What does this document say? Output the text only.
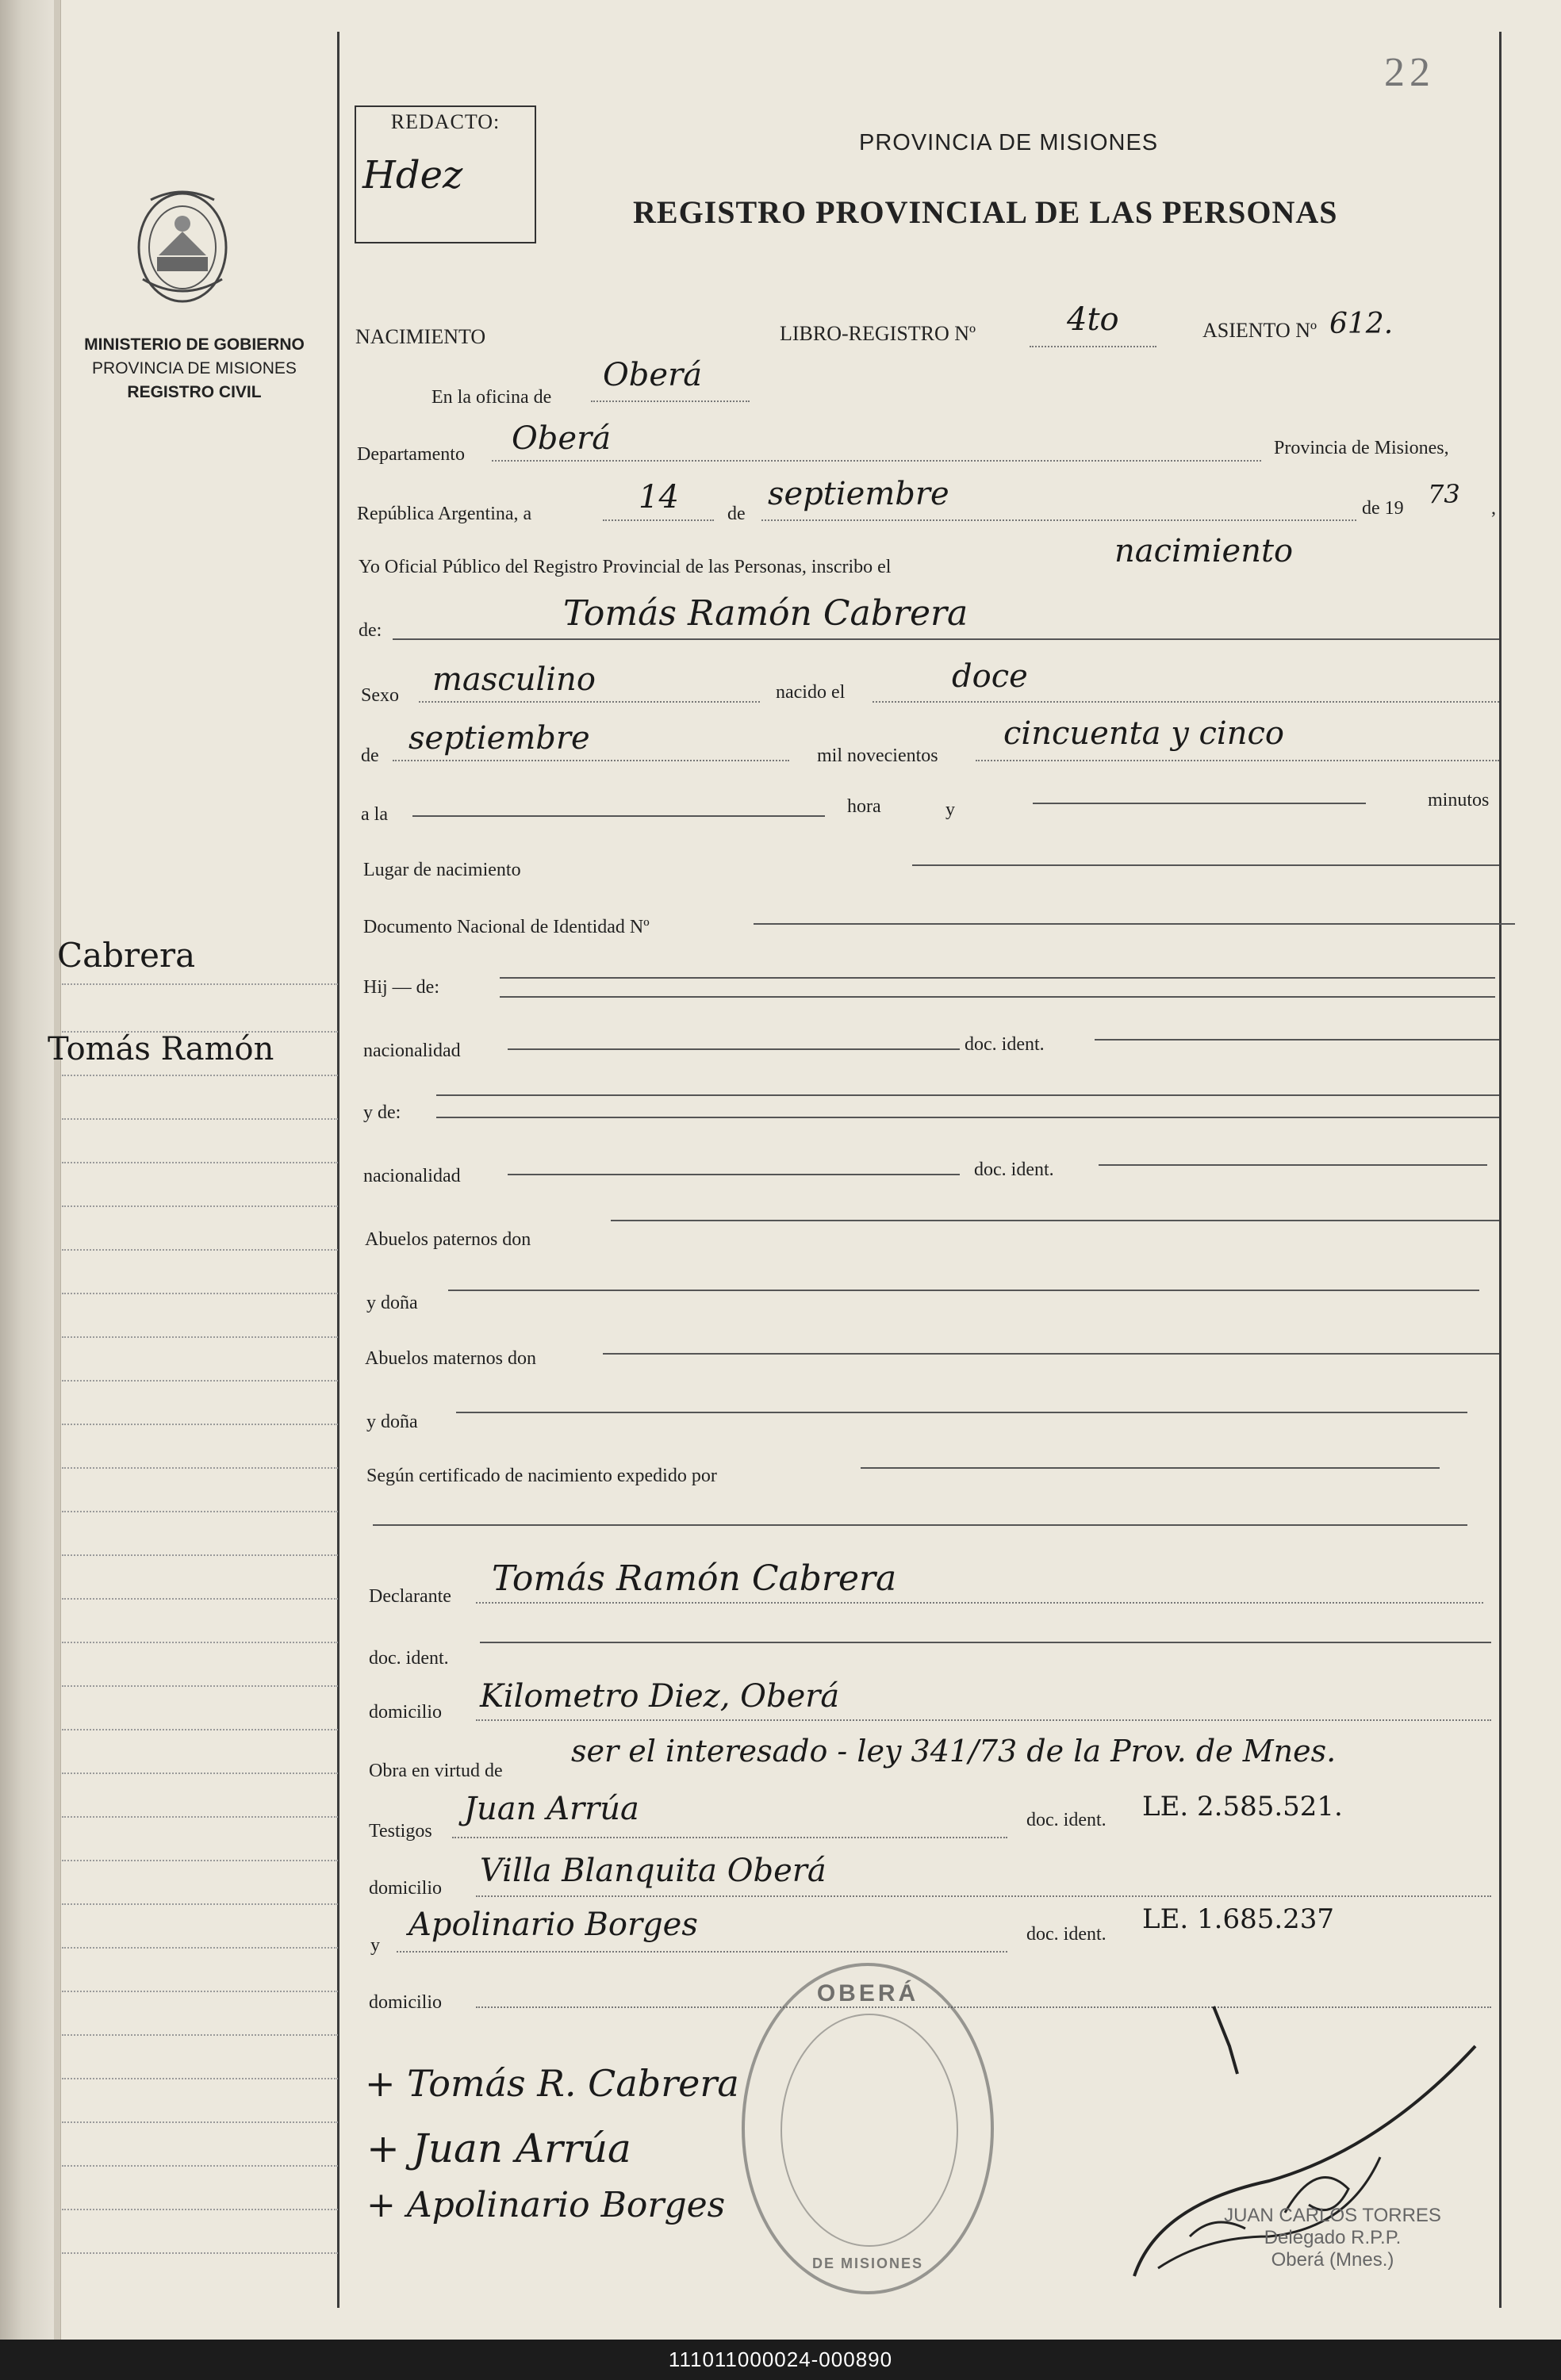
22
REDACTO:
Hdez
PROVINCIA DE MISIONES
REGISTRO PROVINCIAL DE LAS PERSONAS
MINISTERIO DE GOBIERNO
PROVINCIA DE MISIONES
REGISTRO CIVIL
Cabrera
Tomás Ramón
NACIMIENTO	LIBRO-REGISTRO Nº	4to	ASIENTO Nº 612.
En la oficina de
Oberá
Departamento Oberá	Provincia de Misiones,
República Argentina, a	14	de
septiembre	de 19 73 ,
Yo Oficial Público del Registro Provincial de las Personas, inscribo el	nacimiento
de:	Tomás Ramón Cabrera
Sexo masculino	nacido el	doce
de septiembre	mil novecientos
cincuenta y cinco
a la	hora	y	minutos
Lugar de nacimiento
Documento Nacional de Identidad Nº
Hij — de:
nacionalidad	doc. ident.
y de:
nacionalidad	doc. ident.
Abuelos paternos don
y doña
Abuelos maternos don
y doña
Según certificado de nacimiento expedido por
Declarante Tomás Ramón Cabrera
doc. ident.
domicilio Kilometro Diez, Oberá
Obra en virtud de
ser el interesado - ley 341/73 de la Prov. de Mnes.
Testigos
Juan Arrúa	doc. ident. LE. 2.585.521.
domicilio Villa Blanquita Oberá
y
Apolinario Borges	doc. ident. LE. 1.685.237
domicilio
+ Tomás R. Cabrera
+ Juan Arrúa
+ Apolinario Borges
OBERÁ
DE MISIONES
JUAN CARLOS TORRES
Delegado R.P.P.
Oberá (Mnes.)
111011000024-000890
